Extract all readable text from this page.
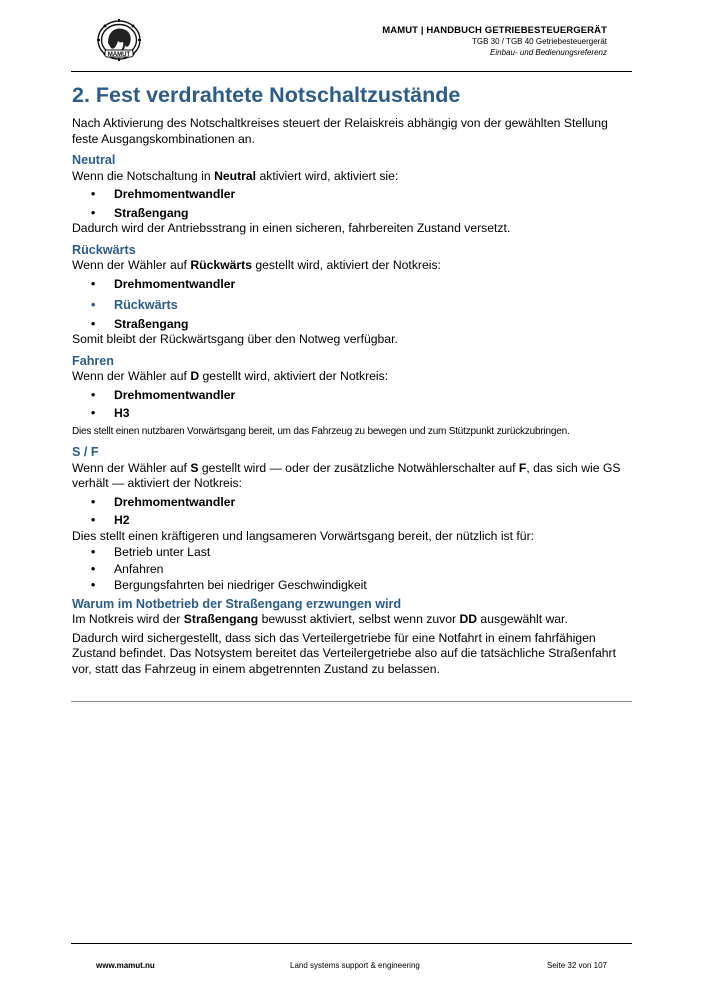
MAMUT
MAMUT | HANDBUCH GETRIEBESTEUERGERÄT
TGB 30 / TGB 40 Getriebesteuergerät
Einbau- und Bedienungsreferenz
2. Fest verdrahtete Notschaltzustände

Nach Aktivierung des Notschaltkreises steuert der Relaiskreis abhängig von der gewählten Stellung feste Ausgangskombinationen an.

Neutral

Wenn die Notschaltung in Neutral aktiviert wird, aktiviert sie:

• Drehmomentwandler
• Straßengang

Dadurch wird der Antriebsstrang in einen sicheren, fahrbereiten Zustand versetzt.

Rückwärts

Wenn der Wähler auf Rückwärts gestellt wird, aktiviert der Notkreis:

• Drehmomentwandler
• Rückwärts
• Straßengang

Somit bleibt der Rückwärtsgang über den Notweg verfügbar.

Fahren

Wenn der Wähler auf D gestellt wird, aktiviert der Notkreis:

• Drehmomentwandler
• H3

Dies stellt einen nutzbaren Vorwärtsgang bereit, um das Fahrzeug zu bewegen und zum Stützpunkt zurückzubringen.

S / F

Wenn der Wähler auf S gestellt wird — oder der zusätzliche Notwählerschalter auf F, das sich wie GS verhält — aktiviert der Notkreis:

• Drehmomentwandler
• H2

Dies stellt einen kräftigeren und langsameren Vorwärtsgang bereit, der nützlich ist für:

• Betrieb unter Last
• Anfahren
• Bergungsfahrten bei niedriger Geschwindigkeit
Warum im Notbetrieb der Straßengang erzwungen wird

Im Notkreis wird der Straßengang bewusst aktiviert, selbst wenn zuvor DD ausgewählt war.

Dadurch wird sichergestellt, dass sich das Verteilergetriebe für eine Notfahrt in einem fahrfähigen Zustand befindet. Das Notsystem bereitet das Verteilergetriebe also auf die tatsächliche Straßenfahrt vor, statt das Fahrzeug in einem abgetrennten Zustand zu belassen.

www.mamut.nu	Land systems support & engineering	Seite 32 von 107
